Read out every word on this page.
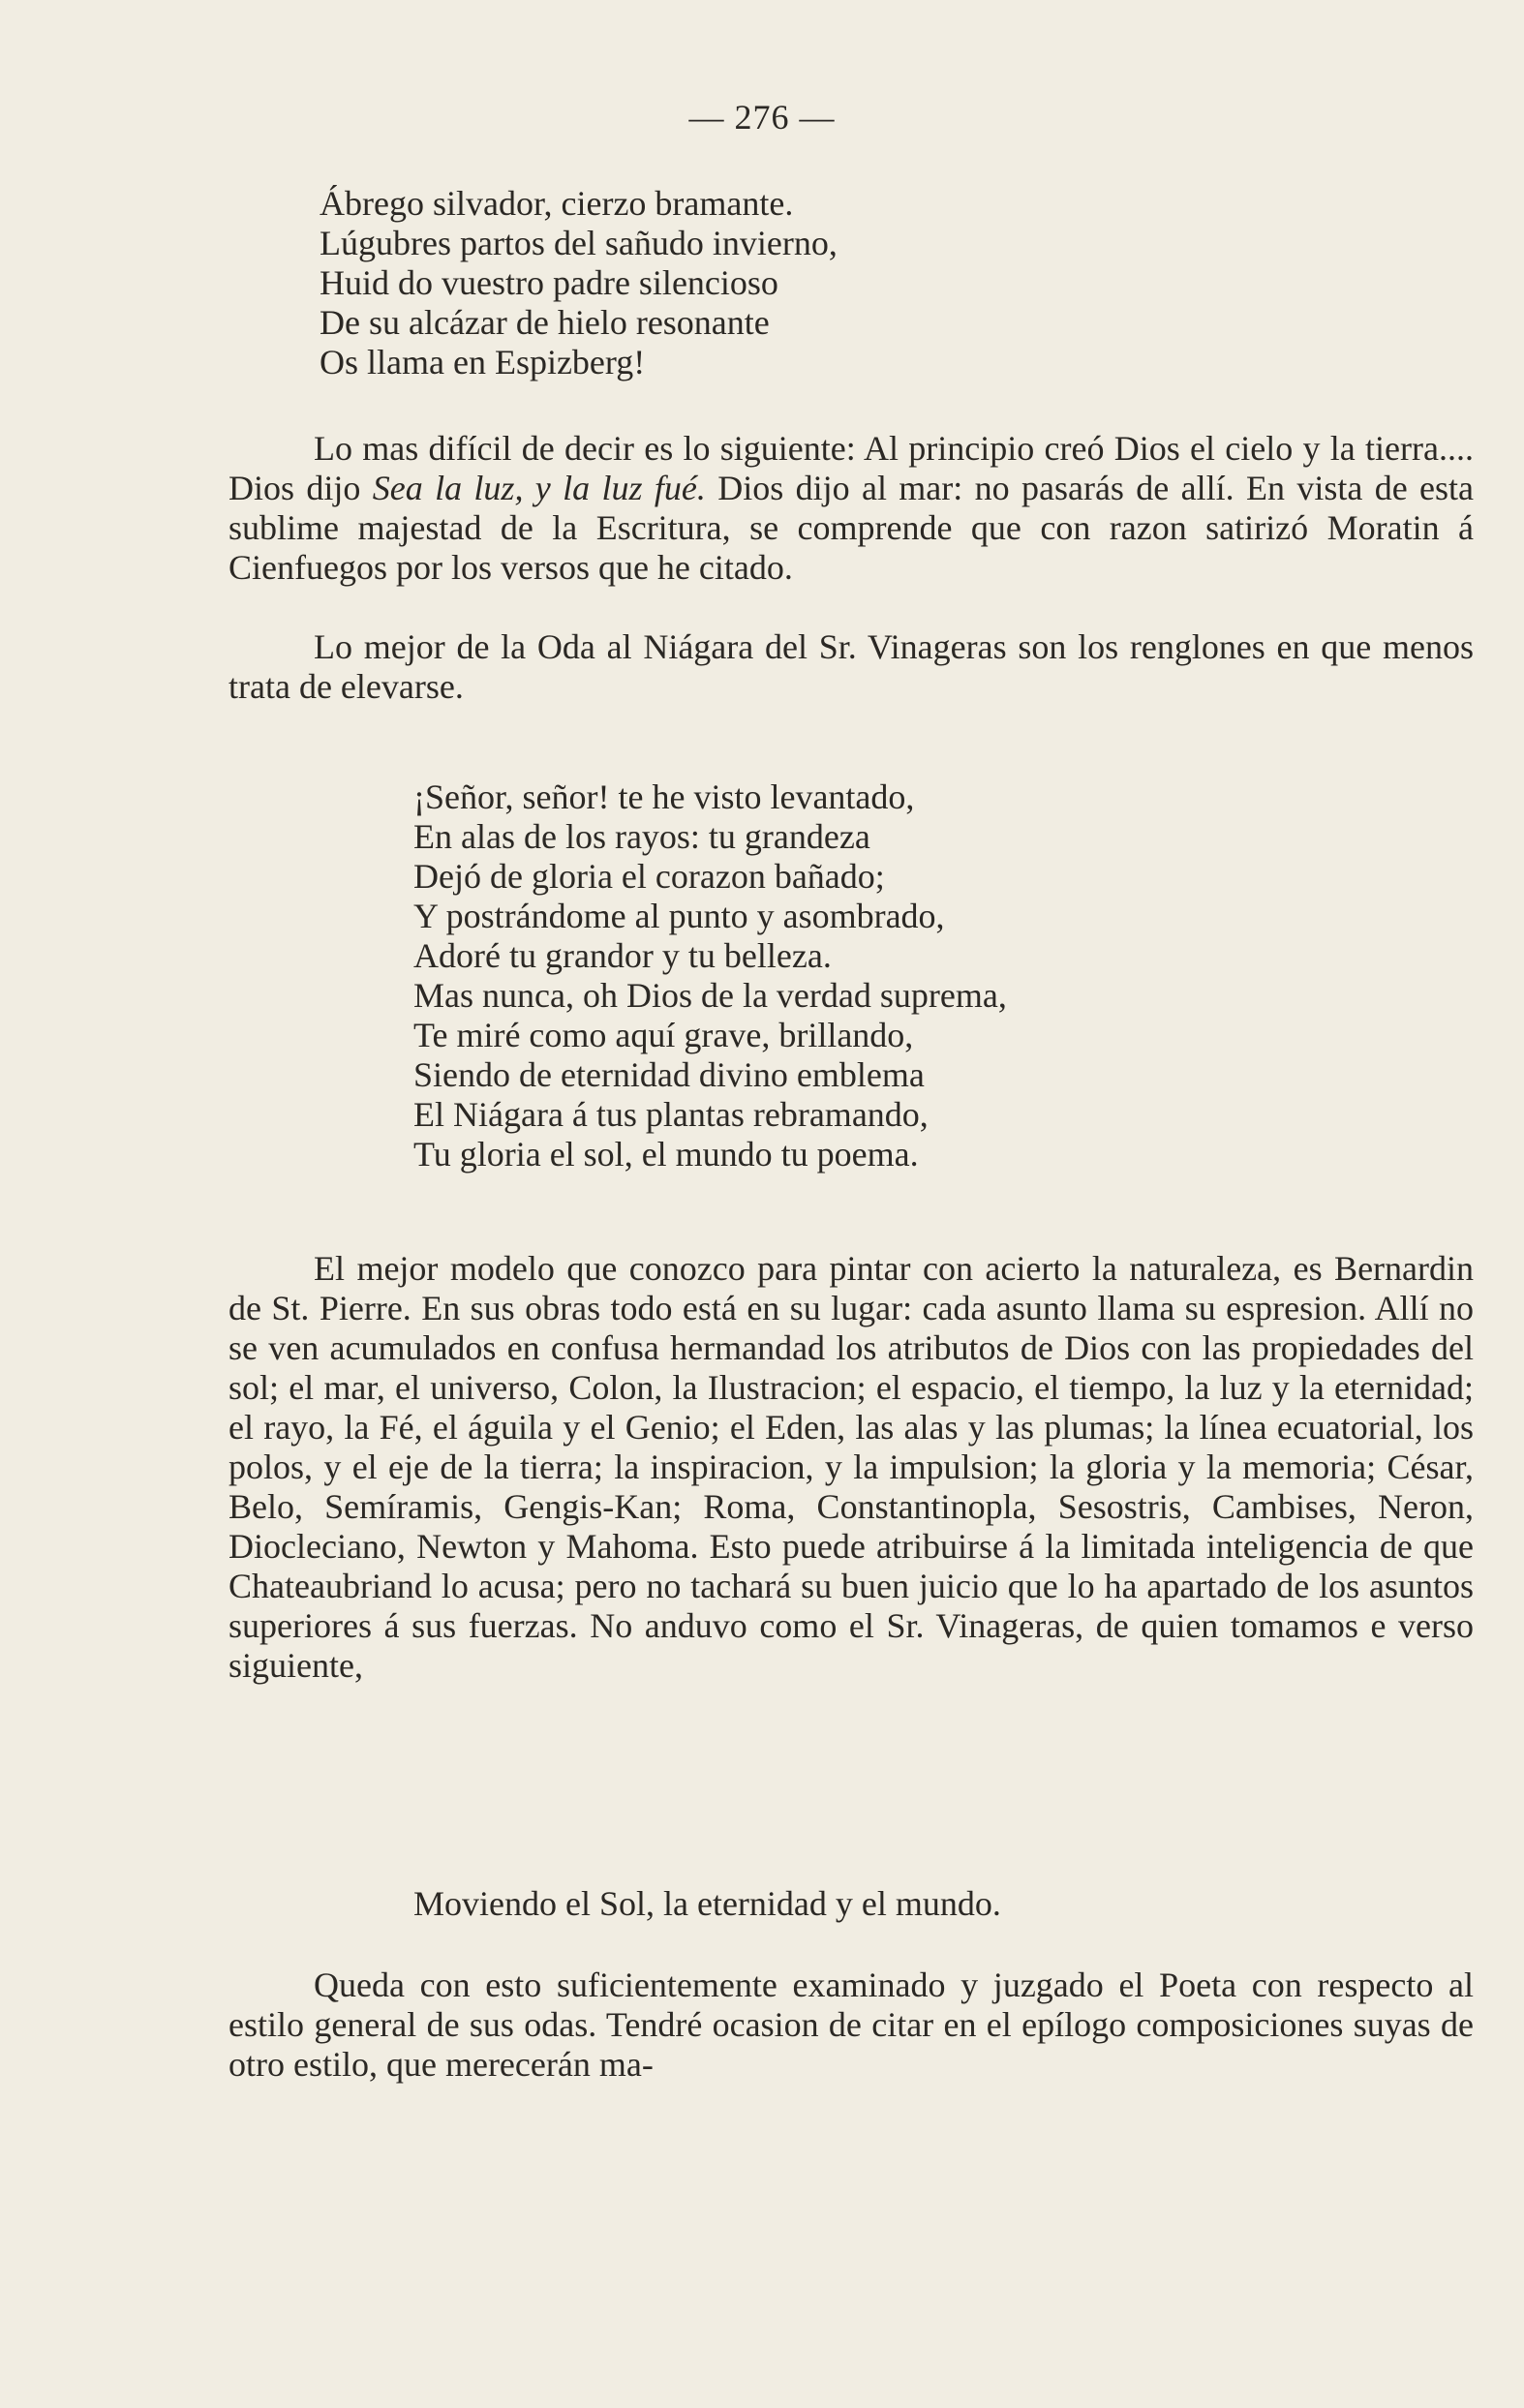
— 276 —
Ábrego silvador, cierzo bramante.
Lúgubres partos del sañudo invierno,
Huid do vuestro padre silencioso
De su alcázar de hielo resonante
Os llama en Espizberg!
Lo mas difícil de decir es lo siguiente: Al principio creó Dios el cielo y la tierra.... Dios dijo Sea la luz, y la luz fué. Dios dijo al mar: no pasarás de allí. En vista de esta sublime majestad de la Escritura, se comprende que con razon satirizó Moratin á Cienfuegos por los versos que he citado.
Lo mejor de la Oda al Niágara del Sr. Vinageras son los renglones en que menos trata de elevarse.
¡Señor, señor! te he visto levantado,
En alas de los rayos: tu grandeza
Dejó de gloria el corazon bañado;
Y postrándome al punto y asombrado,
Adoré tu grandor y tu belleza.
Mas nunca, oh Dios de la verdad suprema,
Te miré como aquí grave, brillando,
Siendo de eternidad divino emblema
El Niágara á tus plantas rebramando,
Tu gloria el sol, el mundo tu poema.
El mejor modelo que conozco para pintar con acierto la naturaleza, es Bernardin de St. Pierre. En sus obras todo está en su lugar: cada asunto llama su espresion. Allí no se ven acumulados en confusa hermandad los atributos de Dios con las propiedades del sol; el mar, el universo, Colon, la Ilustracion; el espacio, el tiempo, la luz y la eternidad; el rayo, la Fé, el águila y el Genio; el Eden, las alas y las plumas; la línea ecuatorial, los polos, y el eje de la tierra; la inspiracion, y la impulsion; la gloria y la memoria; César, Belo, Semíramis, Gengis-Kan; Roma, Constantinopla, Sesostris, Cambises, Neron, Diocleciano, Newton y Mahoma. Esto puede atribuirse á la limitada inteligencia de que Chateaubriand lo acusa; pero no tachará su buen juicio que lo ha apartado de los asuntos superiores á sus fuerzas. No anduvo como el Sr. Vinageras, de quien tomamos e verso siguiente,
Moviendo el Sol, la eternidad y el mundo.
Queda con esto suficientemente examinado y juzgado el Poeta con respecto al estilo general de sus odas. Tendré ocasion de citar en el epílogo composiciones suyas de otro estilo, que merecerán ma-
